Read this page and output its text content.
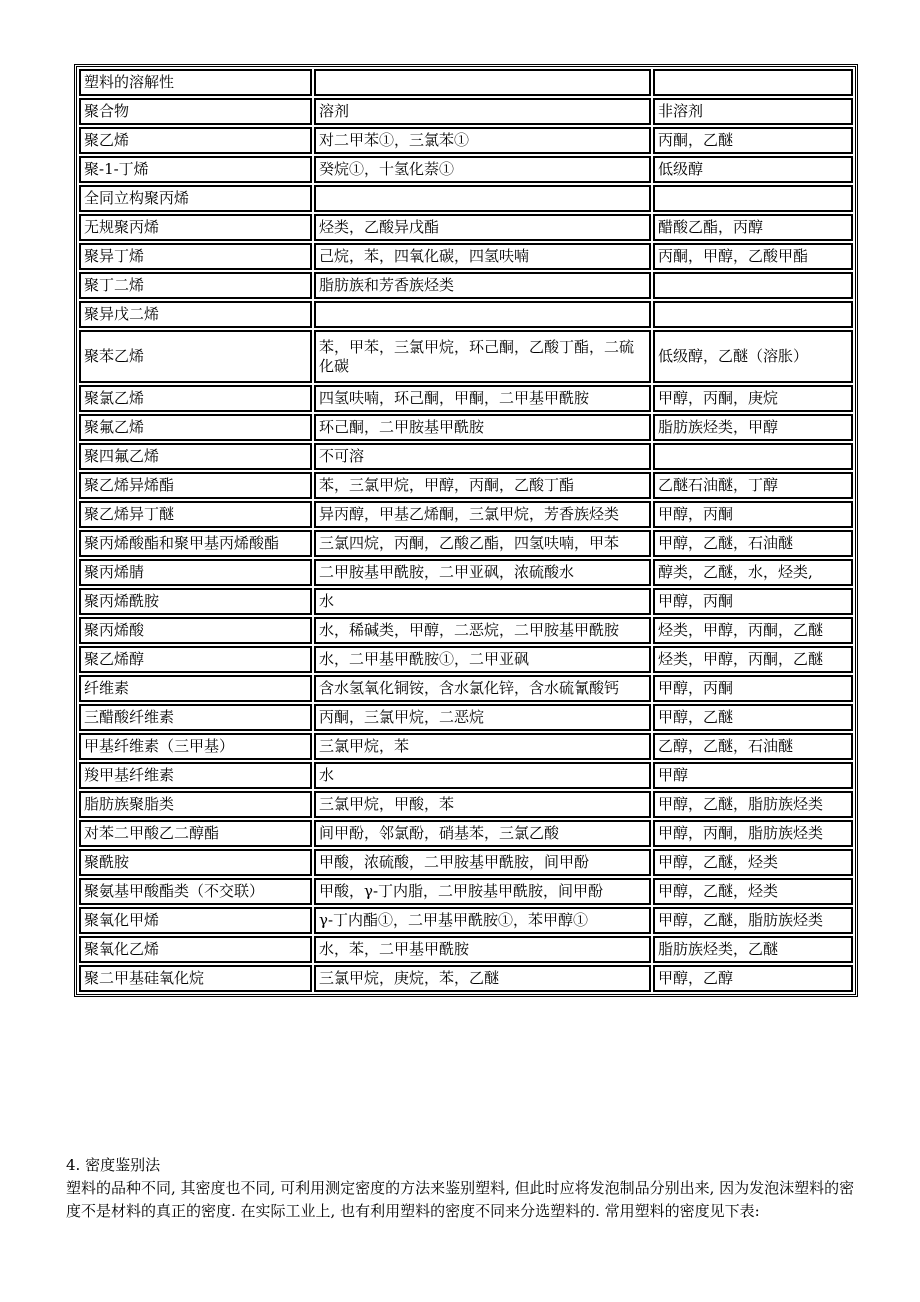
塑料的溶解性		
聚合物	溶剂	非溶剂
聚乙烯	对二甲苯①，三氯苯①	丙酮，乙醚
聚-1-丁烯	癸烷①，十氢化萘①	低级醇
全同立构聚丙烯		
无规聚丙烯	烃类，乙酸异戊酯	醋酸乙酯，丙醇
聚异丁烯	己烷，苯，四氧化碳，四氢呋喃	丙酮，甲醇，乙酸甲酯
聚丁二烯	脂肪族和芳香族烃类	
聚异戊二烯		
聚苯乙烯	苯，甲苯，三氯甲烷，环己酮，乙酸丁酯，二硫化碳	低级醇，乙醚（溶胀）
聚氯乙烯	四氢呋喃，环己酮，甲酮，二甲基甲酰胺	甲醇，丙酮，庚烷
聚氟乙烯	环己酮，二甲胺基甲酰胺	脂肪族烃类，甲醇
聚四氟乙烯	不可溶	
聚乙烯异烯酯	苯，三氯甲烷，甲醇，丙酮，乙酸丁酯	乙醚石油醚，丁醇
聚乙烯异丁醚	异丙醇，甲基乙烯酮，三氯甲烷，芳香族烃类	甲醇，丙酮
聚丙烯酸酯和聚甲基丙烯酸酯	三氯四烷，丙酮，乙酸乙酯，四氢呋喃，甲苯	甲醇，乙醚，石油醚
聚丙烯腈	二甲胺基甲酰胺，二甲亚砜，浓硫酸水	醇类，乙醚，水，烃类,
聚丙烯酰胺	水	甲醇，丙酮
聚丙烯酸	水，稀碱类，甲醇，二恶烷，二甲胺基甲酰胺	烃类，甲醇，丙酮，乙醚
聚乙烯醇	水，二甲基甲酰胺①，二甲亚砜	烃类，甲醇，丙酮，乙醚
纤维素	含水氢氧化铜铵，含水氯化锌，含水硫氰酸钙	甲醇，丙酮
三醋酸纤维素	丙酮，三氯甲烷，二恶烷	甲醇，乙醚
甲基纤维素（三甲基）	三氯甲烷，苯	乙醇，乙醚，石油醚
羧甲基纤维素	水	甲醇
脂肪族聚脂类	三氯甲烷，甲酸，苯	甲醇，乙醚，脂肪族烃类
对苯二甲酸乙二醇酯	间甲酚，邻氯酚，硝基苯，三氯乙酸	甲醇，丙酮，脂肪族烃类
聚酰胺	甲酸，浓硫酸，二甲胺基甲酰胺，间甲酚	甲醇，乙醚，烃类
聚氨基甲酸酯类（不交联）	甲酸，γ-丁内脂，二甲胺基甲酰胺，间甲酚	甲醇，乙醚，烃类
聚氧化甲烯	γ-丁内酯①，二甲基甲酰胺①，苯甲醇①	甲醇，乙醚，脂肪族烃类
聚氧化乙烯	水，苯，二甲基甲酰胺	脂肪族烃类，乙醚
聚二甲基硅氧化烷	三氯甲烷，庚烷，苯，乙醚	甲醇，乙醇

4. 密度鉴别法

塑料的品种不同, 其密度也不同, 可利用测定密度的方法来鉴别塑料, 但此时应将发泡制品分别出来, 因为发泡沫塑料的密度不是材料的真正的密度. 在实际工业上, 也有利用塑料的密度不同来分选塑料的. 常用塑料的密度见下表:
